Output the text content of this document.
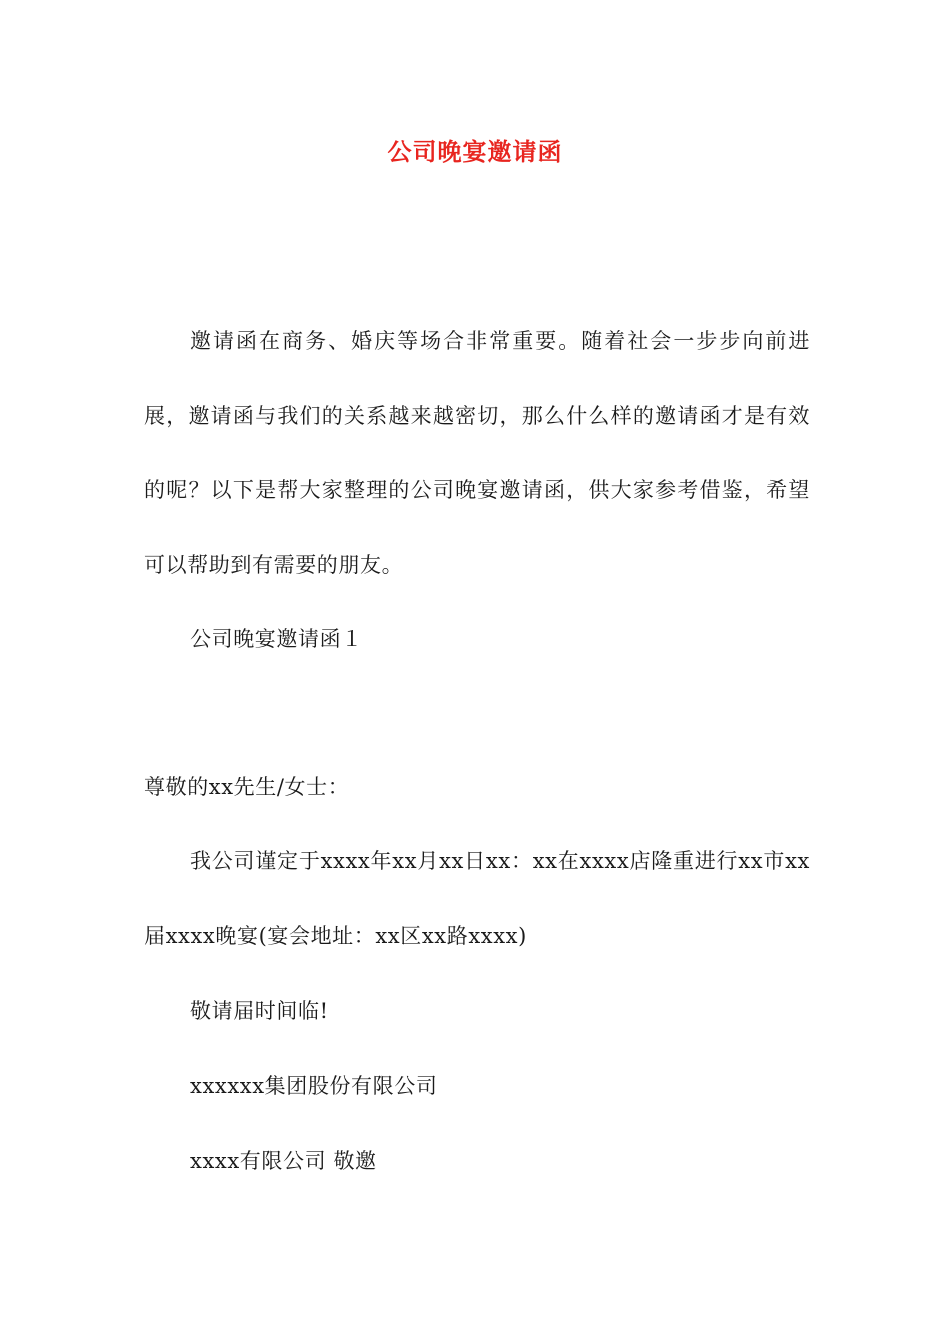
公司晚宴邀请函

邀请函在商务、婚庆等场合非常重要。随着社会一步步向前进展，邀请函与我们的关系越来越密切，那么什么样的邀请函才是有效的呢？以下是帮大家整理的公司晚宴邀请函，供大家参考借鉴，希望可以帮助到有需要的朋友。

公司晚宴邀请函１

尊敬的xx先生/女士：

我公司谨定于xxxx年xx月xx日xx：xx在xxxx店隆重进行xx市xx届xxxx晚宴(宴会地址：xx区xx路xxxx)

敬请届时间临!

xxxxxx集团股份有限公司

xxxx有限公司 敬邀
